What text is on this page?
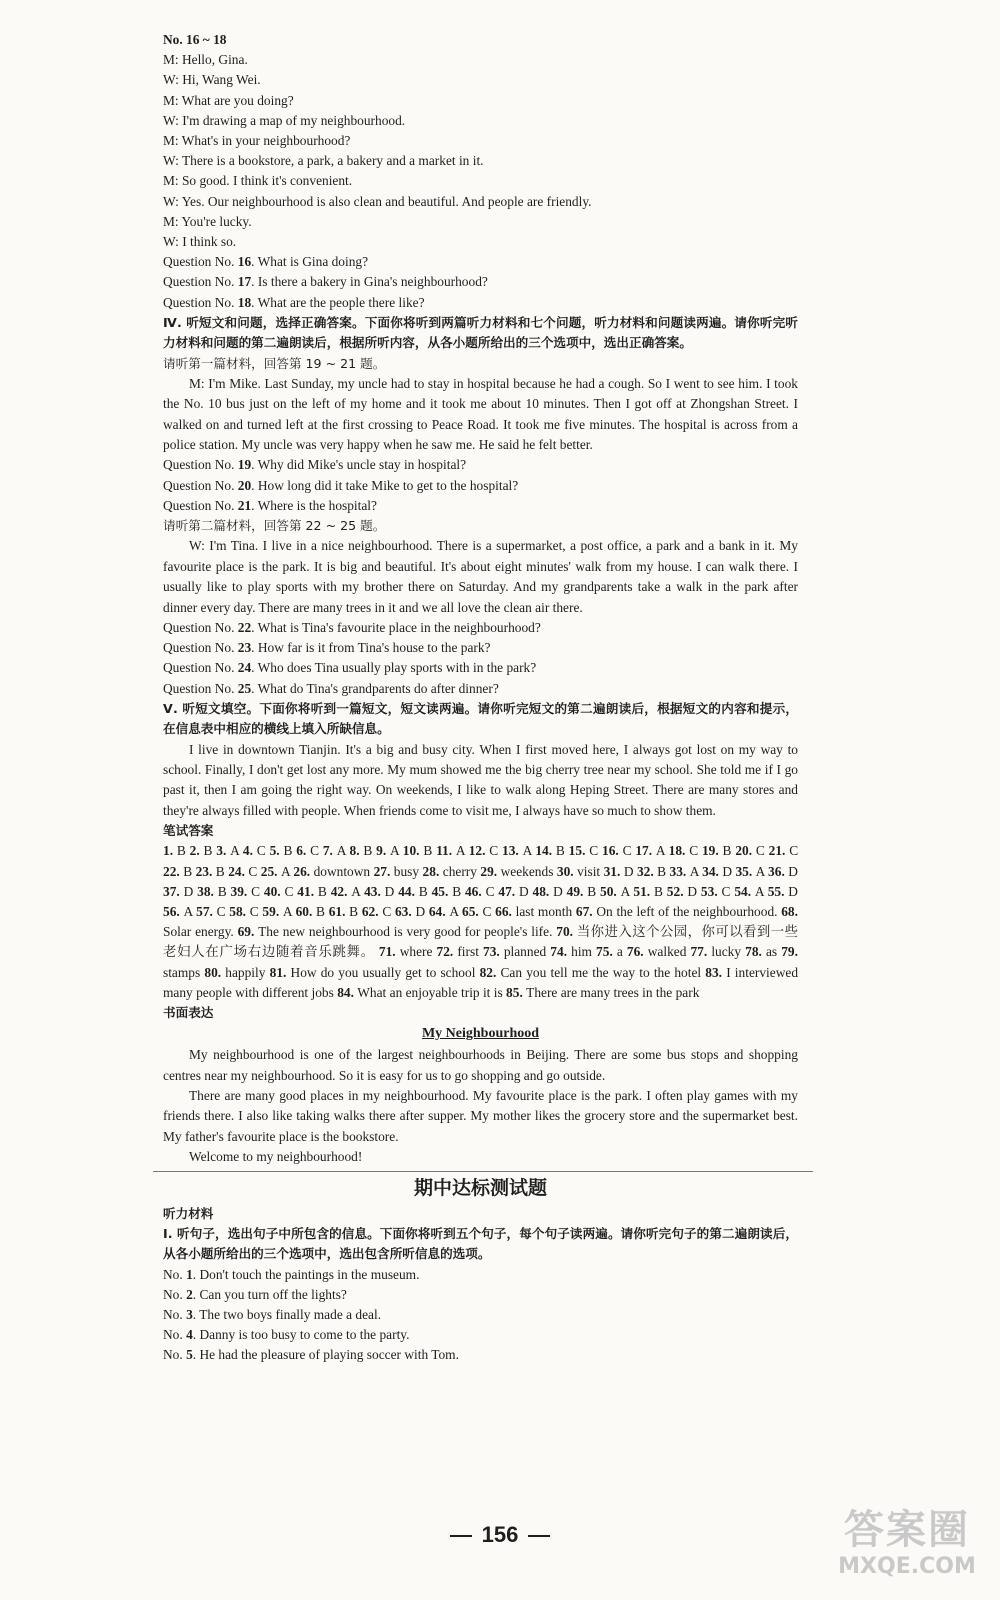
No. 16 ~ 18
M: Hello, Gina.
W: Hi, Wang Wei.
M: What are you doing?
W: I'm drawing a map of my neighbourhood.
M: What's in your neighbourhood?
W: There is a bookstore, a park, a bakery and a market in it.
M: So good. I think it's convenient.
W: Yes. Our neighbourhood is also clean and beautiful. And people are friendly.
M: You're lucky.
W: I think so.
Question No. 16. What is Gina doing?
Question No. 17. Is there a bakery in Gina's neighbourhood?
Question No. 18. What are the people there like?
Ⅳ. 听短文和问题，选择正确答案。下面你将听到两篇听力材料和七个问题，听力材料和问题读两遍。请你听完听力材料和问题的第二遍朗读后，根据所听内容，从各小题所给出的三个选项中，选出正确答案。
请听第一篇材料，回答第 19 ~ 21 题。
M: I'm Mike. Last Sunday, my uncle had to stay in hospital because he had a cough. So I went to see him. I took the No. 10 bus just on the left of my home and it took me about 10 minutes. Then I got off at Zhongshan Street. I walked on and turned left at the first crossing to Peace Road. It took me five minutes. The hospital is across from a police station. My uncle was very happy when he saw me. He said he felt better.
Question No. 19. Why did Mike's uncle stay in hospital?
Question No. 20. How long did it take Mike to get to the hospital?
Question No. 21. Where is the hospital?
请听第二篇材料，回答第 22 ~ 25 题。
W: I'm Tina. I live in a nice neighbourhood. There is a supermarket, a post office, a park and a bank in it. My favourite place is the park. It is big and beautiful. It's about eight minutes' walk from my house. I can walk there. I usually like to play sports with my brother there on Saturday. And my grandparents take a walk in the park after dinner every day. There are many trees in it and we all love the clean air there.
Question No. 22. What is Tina's favourite place in the neighbourhood?
Question No. 23. How far is it from Tina's house to the park?
Question No. 24. Who does Tina usually play sports with in the park?
Question No. 25. What do Tina's grandparents do after dinner?
Ⅴ. 听短文填空。下面你将听到一篇短文，短文读两遍。请你听完短文的第二遍朗读后，根据短文的内容和提示，在信息表中相应的横线上填入所缺信息。
I live in downtown Tianjin. It's a big and busy city. When I first moved here, I always got lost on my way to school. Finally, I don't get lost any more. My mum showed me the big cherry tree near my school. She told me if I go past it, then I am going the right way. On weekends, I like to walk along Heping Street. There are many stores and they're always filled with people. When friends come to visit me, I always have so much to show them.
笔试答案
1. B 2. B 3. A 4. C 5. B 6. C 7. A 8. B 9. A 10. B 11. A 12. C 13. A 14. B 15. C 16. C 17. A 18. C 19. B 20. C 21. C 22. B 23. B 24. C 25. A 26. downtown 27. busy 28. cherry 29. weekends 30. visit 31. D 32. B 33. A 34. D 35. A 36. D 37. D 38. B 39. C 40. C 41. B 42. A 43. D 44. B 45. B 46. C 47. D 48. D 49. B 50. A 51. B 52. D 53. C 54. A 55. D 56. A 57. C 58. C 59. A 60. B 61. B 62. C 63. D 64. A 65. C 66. last month 67. On the left of the neighbourhood. 68. Solar energy. 69. The new neighbourhood is very good for people's life. 70. 当你进入这个公园，你可以看到一些老妇人在广场右边随着音乐跳舞。 71. where 72. first 73. planned 74. him 75. a 76. walked 77. lucky 78. as 79. stamps 80. happily 81. How do you usually get to school 82. Can you tell me the way to the hotel 83. I interviewed many people with different jobs 84. What an enjoyable trip it is 85. There are many trees in the park
书面表达
My Neighbourhood
My neighbourhood is one of the largest neighbourhoods in Beijing. There are some bus stops and shopping centres near my neighbourhood. So it is easy for us to go shopping and go outside.
There are many good places in my neighbourhood. My favourite place is the park. I often play games with my friends there. I also like taking walks there after supper. My mother likes the grocery store and the supermarket best. My father's favourite place is the bookstore.
Welcome to my neighbourhood!
期中达标测试题
听力材料
Ⅰ. 听句子，选出句子中所包含的信息。下面你将听到五个句子，每个句子读两遍。请你听完句子的第二遍朗读后，从各小题所给出的三个选项中，选出包含所听信息的选项。
No. 1. Don't touch the paintings in the museum.
No. 2. Can you turn off the lights?
No. 3. The two boys finally made a deal.
No. 4. Danny is too busy to come to the party.
No. 5. He had the pleasure of playing soccer with Tom.
156	答案圈
MXQE.COM
